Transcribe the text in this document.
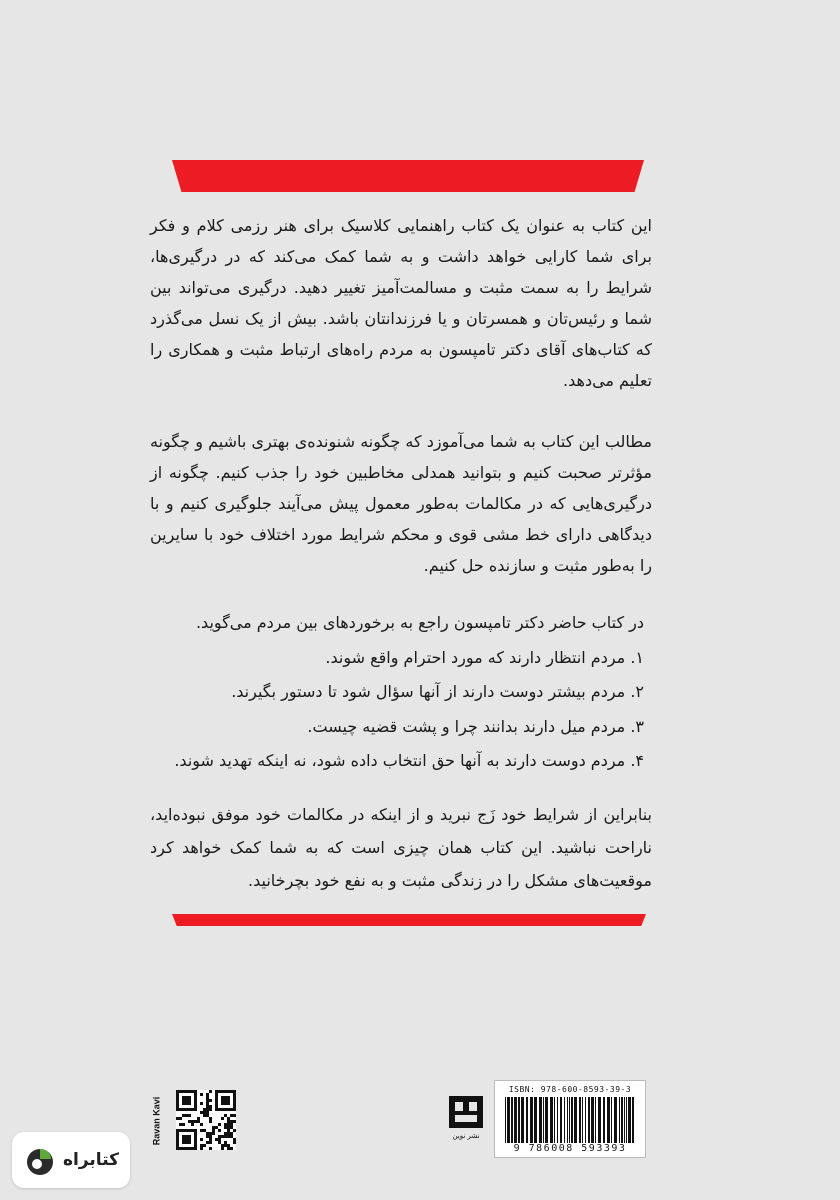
این کتاب به عنوان یک کتاب راهنمایی کلاسیک برای هنر رزمی کلام و فکر برای شما کارایی خواهد داشت و به شما کمک می‌کند که در درگیری‌ها، شرایط را به سمت مثبت و مسالمت‌آمیز تغییر دهید. درگیری می‌تواند بین شما و رئیس‌تان و همسرتان و یا فرزندانتان باشد. بیش از یک نسل می‌گذرد که کتاب‌های آقای دکتر تامپسون به مردم راه‌های ارتباط مثبت و همکاری را تعلیم می‌دهد.
مطالب این کتاب به شما می‌آموزد که چگونه شنونده‌ی بهتری باشیم و چگونه مؤثرتر صحبت کنیم و بتوانید همدلی مخاطبین خود را جذب کنیم. چگونه از درگیری‌هایی که در مکالمات به‌طور معمول پیش‌ می‌آیند جلوگیری کنیم و با دیدگاهی دارای خط مشی قوی و محکم شرایط مورد اختلاف خود با سایرین را به‌طور مثبت و سازنده حل کنیم.
در کتاب حاضر دکتر تامپسون راجع به برخوردهای بین مردم می‌گوید.
۱. مردم انتظار دارند که مورد احترام واقع شوند.
۲. مردم بیشتر دوست دارند از آنها سؤال شود تا دستور بگیرند.
۳. مردم میل دارند بدانند چرا و پشت قضیه چیست.
۴. مردم دوست دارند به آنها حق انتخاب داده شود، نه اینکه تهدید شوند.
بنابراین از شرایط خود زَج نبرید و از اینکه در مکالمات خود موفق نبوده‌اید، ناراحت نباشید. این کتاب همان چیزی است که به شما کمک خواهد کرد موقعیت‌های مشکل را در زندگی مثبت و به نفع خود بچرخانید.
Ravan Kavi	نشر نوین
ISBN: 978-600-8593-39-3
9 786008 593393
کتابراه
